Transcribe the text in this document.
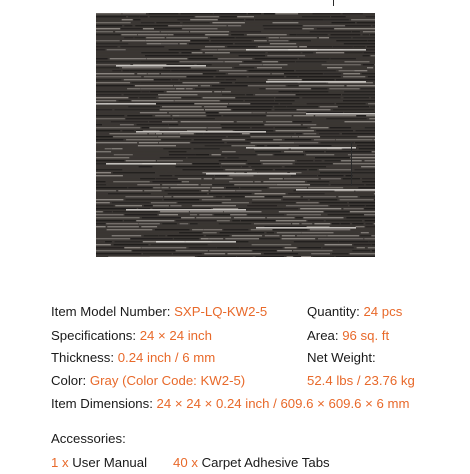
Item Model Number: SXP-LQ-KW2-5	Quantity: 24 pcs
Specifications: 24 × 24 inch	Area: 96 sq. ft
Thickness: 0.24 inch / 6 mm	Net Weight:
Color: Gray (Color Code: KW2-5)	52.4 lbs / 23.76 kg
Item Dimensions: 24 × 24 × 0.24 inch / 609.6 × 609.6 × 6 mm
Accessories:
1 x User Manual 40 x Carpet Adhesive Tabs
